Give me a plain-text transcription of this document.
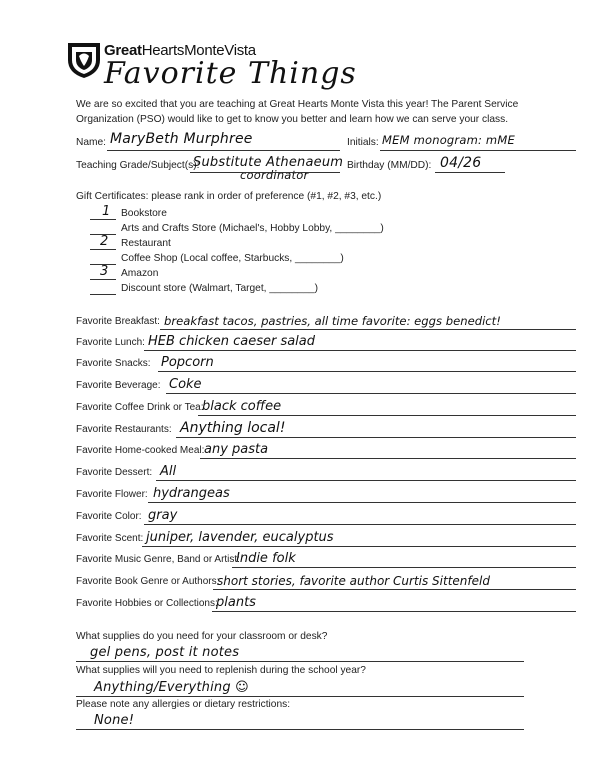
GreatHeartsMonteVista
Favorite Things
We are so excited that you are teaching at Great Hearts Monte Vista this year! The Parent Service
Organization (PSO) would like to get to know you better and learn how we can serve your class.
Name: MaryBeth Murphree	Initials: MEM monogram: mME
Teaching Grade/Subject(s):
Substitute Athenaeum
coordinator
Birthday (MM/DD): 04/26
Gift Certificates: please rank in order of preference (#1, #2, #3, etc.)
1 Bookstore
Arts and Crafts Store (Michael's, Hobby Lobby, ________)
2 Restaurant
Coffee Shop (Local coffee, Starbucks, ________)
3 Amazon
Discount store (Walmart, Target, ________)
Favorite Breakfast: breakfast tacos, pastries, all time favorite: eggs benedict!
Favorite Lunch: HEB chicken caeser salad
Favorite Snacks: Popcorn
Favorite Beverage: Coke
Favorite Coffee Drink or Tea:
black coffee
Favorite Restaurants: Anything local!
Favorite Home-cooked Meal: any pasta
Favorite Dessert: All
Favorite Flower: hydrangeas
Favorite Color: gray
Favorite Scent: juniper, lavender, eucalyptus
Favorite Music Genre, Band or Artist:
Indie folk
Favorite Book Genre or Authors:
short stories, favorite author Curtis Sittenfeld
Favorite Hobbies or Collections:
plants
What supplies do you need for your classroom or desk?
gel pens, post it notes
What supplies will you need to replenish during the school year?
Anything/Everything ☺
Please note any allergies or dietary restrictions:
None!
